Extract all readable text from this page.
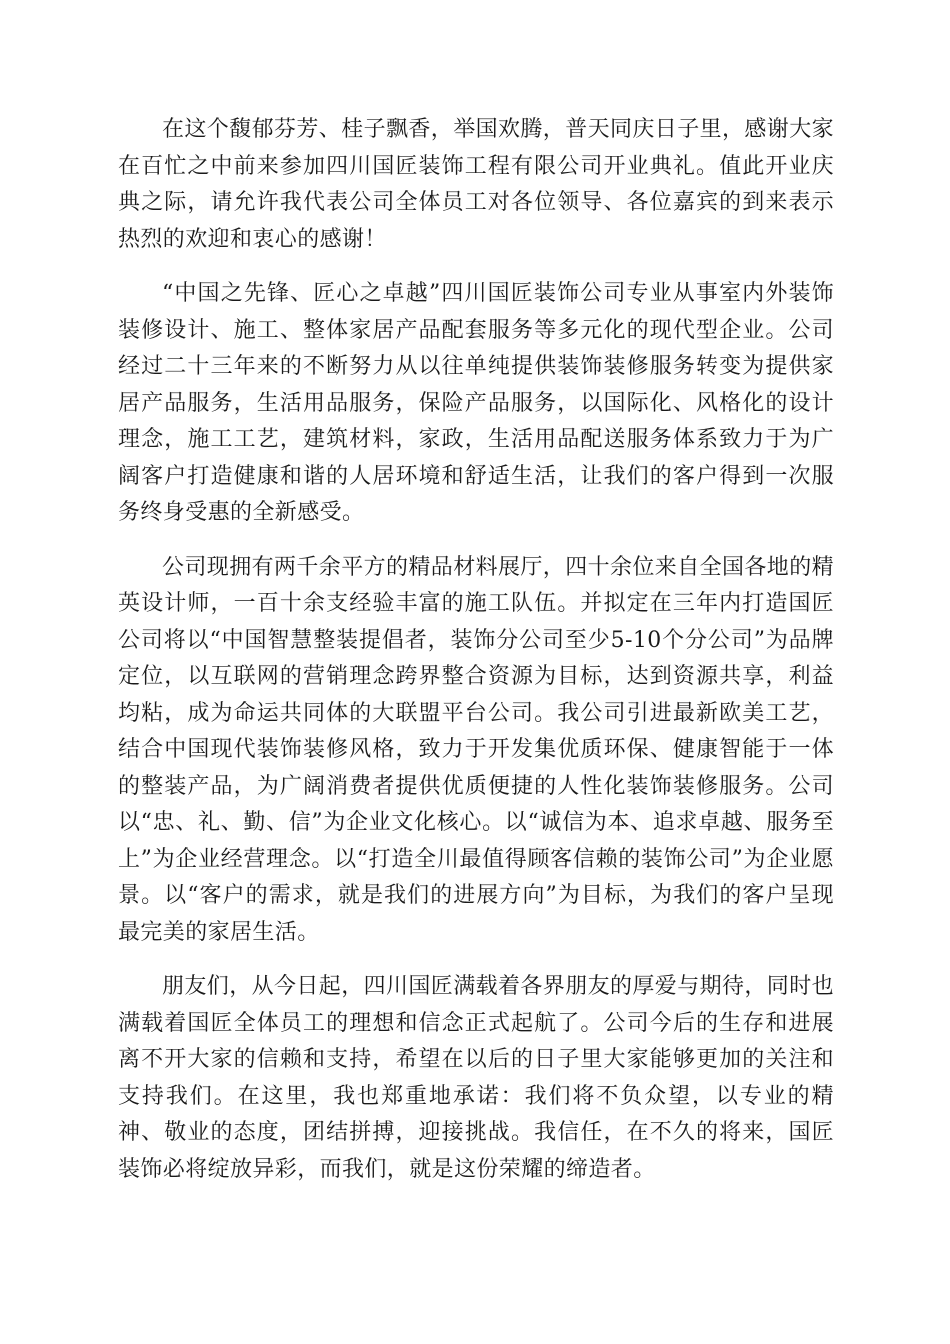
在这个馥郁芬芳、桂子飘香，举国欢腾，普天同庆日子里，感谢大家在百忙之中前来参加四川国匠装饰工程有限公司开业典礼。值此开业庆典之际，请允许我代表公司全体员工对各位领导、各位嘉宾的到来表示热烈的欢迎和衷心的感谢！

“中国之先锋、匠心之卓越”四川国匠装饰公司专业从事室内外装饰装修设计、施工、整体家居产品配套服务等多元化的现代型企业。公司经过二十三年来的不断努力从以往单纯提供装饰装修服务转变为提供家居产品服务，生活用品服务，保险产品服务，以国际化、风格化的设计理念，施工工艺，建筑材料，家政，生活用品配送服务体系致力于为广阔客户打造健康和谐的人居环境和舒适生活，让我们的客户得到一次服务终身受惠的全新感受。

公司现拥有两千余平方的精品材料展厅，四十余位来自全国各地的精英设计师，一百十余支经验丰富的施工队伍。并拟定在三年内打造国匠公司将以“中国智慧整装提倡者，装饰分公司至少5-10个分公司”为品牌定位，以互联网的营销理念跨界整合资源为目标，达到资源共享，利益均粘，成为命运共同体的大联盟平台公司。我公司引进最新欧美工艺，结合中国现代装饰装修风格，致力于开发集优质环保、健康智能于一体的整装产品，为广阔消费者提供优质便捷的人性化装饰装修服务。公司以“忠、礼、勤、信”为企业文化核心。以“诚信为本、追求卓越、服务至上”为企业经营理念。以“打造全川最值得顾客信赖的装饰公司”为企业愿景。以“客户的需求，就是我们的进展方向”为目标，为我们的客户呈现最完美的家居生活。

朋友们，从今日起，四川国匠满载着各界朋友的厚爱与期待，同时也满载着国匠全体员工的理想和信念正式起航了。公司今后的生存和进展离不开大家的信赖和支持，希望在以后的日子里大家能够更加的关注和支持我们。在这里，我也郑重地承诺：我们将不负众望，以专业的精神、敬业的态度，团结拼搏，迎接挑战。我信任，在不久的将来，国匠装饰必将绽放异彩，而我们，就是这份荣耀的缔造者。
